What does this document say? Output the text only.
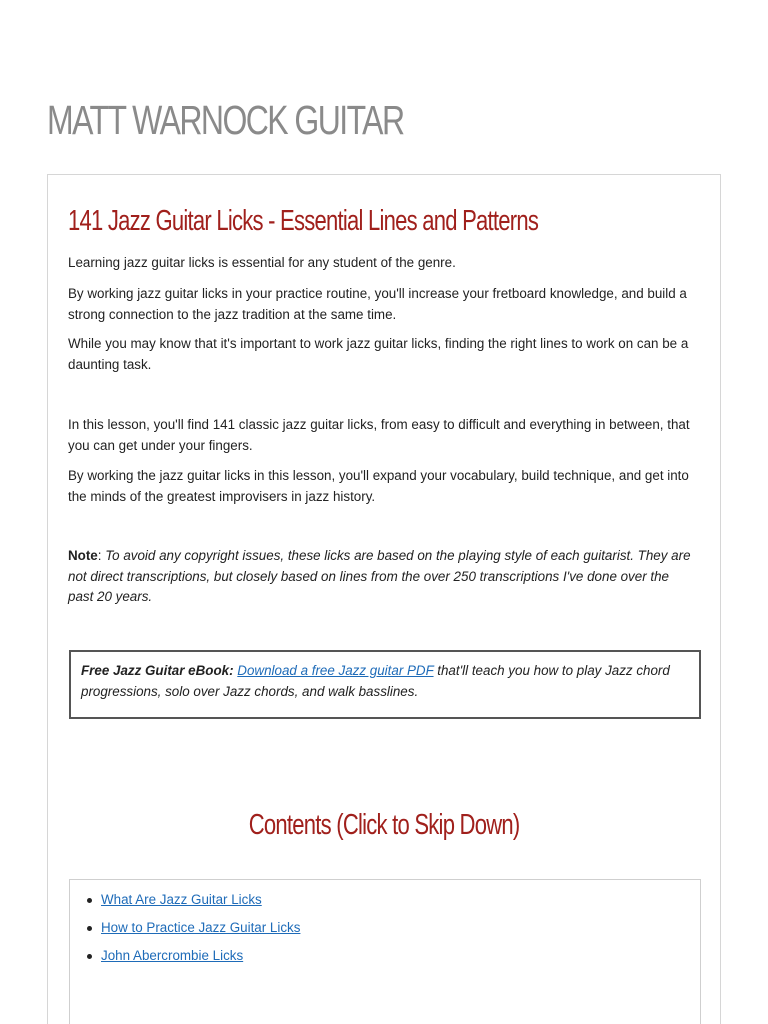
MATT WARNOCK GUITAR
141 Jazz Guitar Licks - Essential Lines and Patterns

Learning jazz guitar licks is essential for any student of the genre.

By working jazz guitar licks in your practice routine, you'll increase your fretboard knowledge, and build a strong connection to the jazz tradition at the same time.

While you may know that it's important to work jazz guitar licks, finding the right lines to work on can be a daunting task.

In this lesson, you'll find 141 classic jazz guitar licks, from easy to difficult and everything in between, that you can get under your fingers.

By working the jazz guitar licks in this lesson, you'll expand your vocabulary, build technique, and get into the minds of the greatest improvisers in jazz history.

Note: To avoid any copyright issues, these licks are based on the playing style of each guitarist. They are not direct transcriptions, but closely based on lines from the over 250 transcriptions I've done over the past 20 years.

Free Jazz Guitar eBook: Download a free Jazz guitar PDF that'll teach you how to play Jazz chord progressions, solo over Jazz chords, and walk basslines.
Contents (Click to Skip Down)
What Are Jazz Guitar Licks
How to Practice Jazz Guitar Licks
John Abercrombie Licks
